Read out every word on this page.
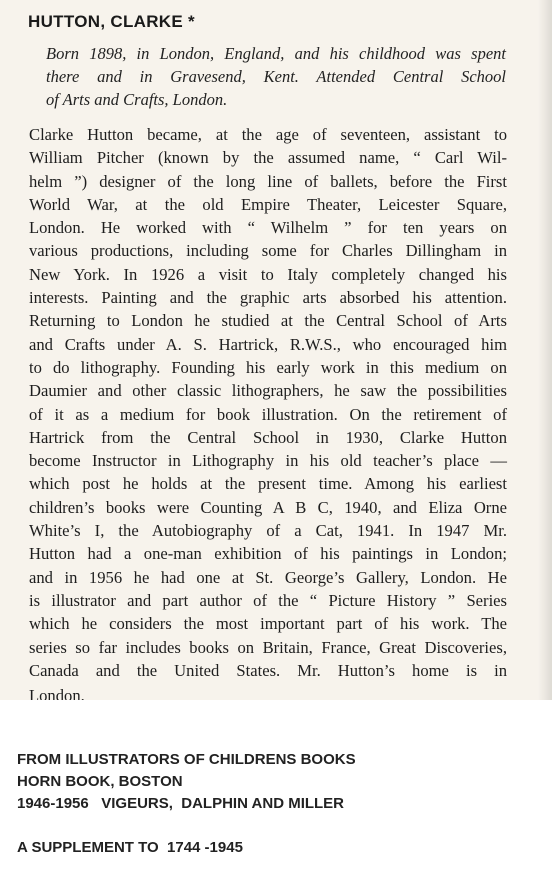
HUTTON, CLARKE *
Born 1898, in London, England, and his childhood was spent
there and in Gravesend, Kent. Attended Central School
of Arts and Crafts, London.
Clarke Hutton became, at the age of seventeen, assistant to
William Pitcher (known by the assumed name, “ Carl Wil-
helm ”) designer of the long line of ballets, before the First
World War, at the old Empire Theater, Leicester Square,
London. He worked with “ Wilhelm ” for ten years on
various productions, including some for Charles Dillingham in
New York. In 1926 a visit to Italy completely changed his
interests. Painting and the graphic arts absorbed his attention.
Returning to London he studied at the Central School of Arts
and Crafts under A. S. Hartrick, R.W.S., who encouraged him
to do lithography. Founding his early work in this medium on
Daumier and other classic lithographers, he saw the possibilities
of it as a medium for book illustration. On the retirement of
Hartrick from the Central School in 1930, Clarke Hutton
become Instructor in Lithography in his old teacher’s place —
which post he holds at the present time. Among his earliest
children’s books were Counting A B C, 1940, and Eliza Orne
White’s I, the Autobiography of a Cat, 1941. In 1947 Mr.
Hutton had a one-man exhibition of his paintings in London;
and in 1956 he had one at St. George’s Gallery, London. He
is illustrator and part author of the “ Picture History ” Series
which he considers the most important part of his work. The
series so far includes books on Britain, France, Great Discoveries,
Canada and the United States. Mr. Hutton’s home is in
London.
FROM ILLUSTRATORS OF CHILDRENS BOOKS
HORN BOOK, BOSTON
1946-1956   VIGEURS,  DALPHIN AND MILLER
A SUPPLEMENT TO  1744 -1945
